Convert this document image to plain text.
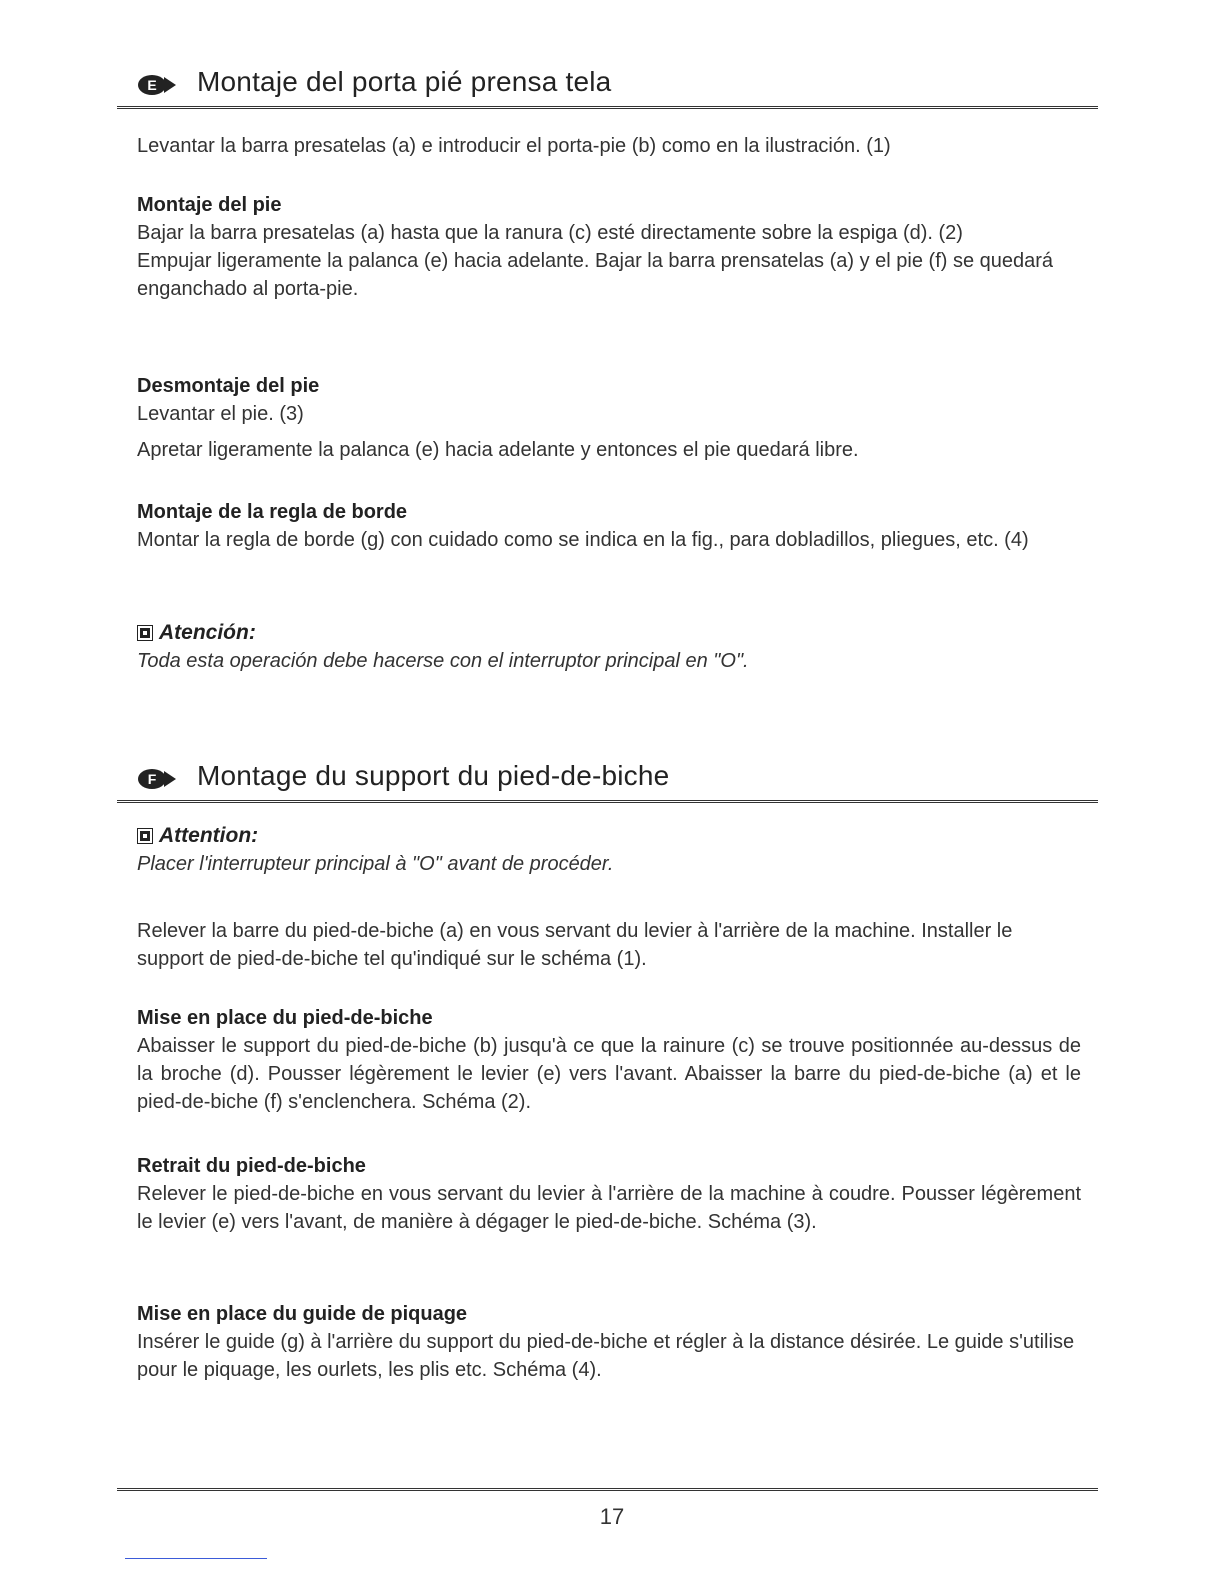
E Montaje del porta pié prensa tela

Levantar la barra presatelas (a) e introducir el porta-pie (b) como en la ilustración. (1)

Montaje del pie

Bajar la barra presatelas (a) hasta que la ranura (c) esté directamente sobre la espiga (d). (2)

Empujar ligeramente la palanca (e) hacia adelante. Bajar la barra prensatelas (a) y el pie (f) se quedará enganchado al porta-pie.

Desmontaje del pie

Levantar el pie. (3)

Apretar ligeramente la palanca (e) hacia adelante y entonces el pie quedará libre.

Montaje de la regla de borde

Montar la regla de borde (g) con cuidado como se indica en la fig., para dobladillos, pliegues, etc. (4)

Atención:

Toda esta operación debe hacerse con el interruptor principal en "O".

F Montage du support du pied-de-biche

Attention:

Placer l'interrupteur principal à "O" avant de procéder.

Relever la barre du pied-de-biche (a) en vous servant du levier à l'arrière de la machine. Installer le support de pied-de-biche tel qu'indiqué sur le schéma (1).

Mise en place du pied-de-biche

Abaisser le support du pied-de-biche (b) jusqu'à ce que la rainure (c) se trouve positionnée au-dessus de la broche (d). Pousser légèrement le levier (e) vers l'avant. Abaisser la barre du pied-de-biche (a) et le pied-de-biche (f) s'enclenchera. Schéma (2).

Retrait du pied-de-biche

Relever le pied-de-biche en vous servant du levier à l'arrière de la machine à coudre. Pousser légèrement le levier (e) vers l'avant, de manière à dégager le pied-de-biche. Schéma (3).

Mise en place du guide de piquage

Insérer le guide (g) à l'arrière du support du pied-de-biche et régler à la distance désirée. Le guide s'utilise pour le piquage, les ourlets, les plis etc. Schéma (4).

17
